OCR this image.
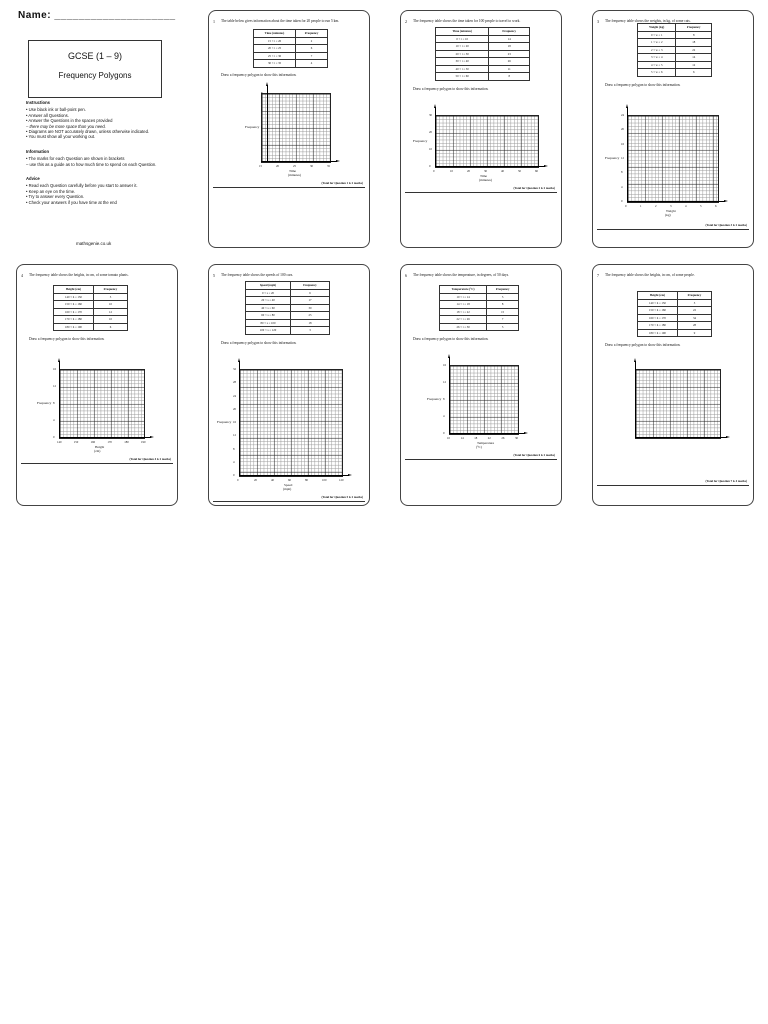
Name: ____________________
GCSE (1 – 9)
Frequency Polygons
Instructions
• Use black ink or ball-point pen.
• Answer all Questions.
• Answer the Questions in the spaces provided
– there may be more space than you need.
• Diagrams are NOT accurately drawn, unless otherwise indicated.
• You must show all your working out.
Information
• The marks for each Question are shown in brackets
– use this as a guide as to how much time to spend on each Question.
Advice
• Read each Question carefully before you start to answer it.
• Keep an eye on the time.
• Try to answer every Question.
• Check your answers if you have time at the end
mathsgenie.co.uk
1 The table below gives information about the time taken for 20 people to run 5 km.
Time (minutes)	Frequency
15 < t ≤ 20	2
20 < t ≤ 25	6
25 < t ≤ 30	7
30 < t ≤ 35	4
Draw a frequency polygon to show this information.
0
2
4
6
8
15	20	25	30	35
Frequency
Time
(minutes)
(Total for Question 1 is 2 marks)
2 The frequency table shows the time taken for 100 people to travel to work.
Time (minutes)	Frequency
0 < t ≤ 10	14
10 < t ≤ 20	18
20 < t ≤ 30	23
30 < t ≤ 40	26
40 < t ≤ 50	11
50 < t ≤ 60	8
Draw a frequency polygon to show this information.
0
10
20
30
0	10	20	30	40	50	60
Frequency
Time
(minutes)
(Total for Question 2 is 2 marks)
3 The frequency table shows the weights, in kg, of some cats.
Weight (kg)	Frequency
0 < w ≤ 1	8
1 < w ≤ 2	18
2 < w ≤ 3	22
3 < w ≤ 4	14
4 < w ≤ 5	12
5 < w ≤ 6	6
Draw a frequency polygon to show this information.
0
4
8
12
16
20
24
0	1	2	3	4	5	6
Frequency
Weight
(kg)
(Total for Question 3 is 2 marks)
4 The frequency table shows the heights, in cm, of some tomato plants.
Height (cm)	Frequency
140 < h ≤ 150	5
150 < h ≤ 160	10
160 < h ≤ 170	12
170 < h ≤ 180	10
180 < h ≤ 190	6
Draw a frequency polygon to show this information.
0
4
8
12
16
140	150	160	170	180	190
Frequency
Height
(cm)
(Total for Question 4 is 2 marks)
5 The frequency table shows the speeds of 100 cars.
Speed (mph)	Frequency
0 < s ≤ 20	6
20 < s ≤ 40	17
40 < s ≤ 60	30
60 < s ≤ 80	25
80 < s ≤ 100	18
100 < s ≤ 120	3
Draw a frequency polygon to show this information.
0
4
8
12
16
20
24
28
32
0	20	40	60	80	100	120
Frequency
Speed
(mph)
(Total for Question 5 is 2 marks)
6 The frequency table shows the temperature, in degrees, of 50 days.
Temperature (°C)	Frequency
10 < t ≤ 14	5
14 < t ≤ 18	8
18 < t ≤ 22	15
22 < t ≤ 26	7
26 < t ≤ 30	5
Draw a frequency polygon to show this information.
0
4
8
12
16
10	14	18	22	26	30
Frequency
Temperature
(°C)
(Total for Question 6 is 2 marks)
7 The frequency table shows the heights, in cm, of some people.
Height (cm)	Frequency
140 < h ≤ 150	3
150 < h ≤ 160	22
160 < h ≤ 170	34
170 < h ≤ 180	28
180 < h ≤ 190	9
Draw a frequency polygon to show this information.
(Total for Question 7 is 4 marks)
